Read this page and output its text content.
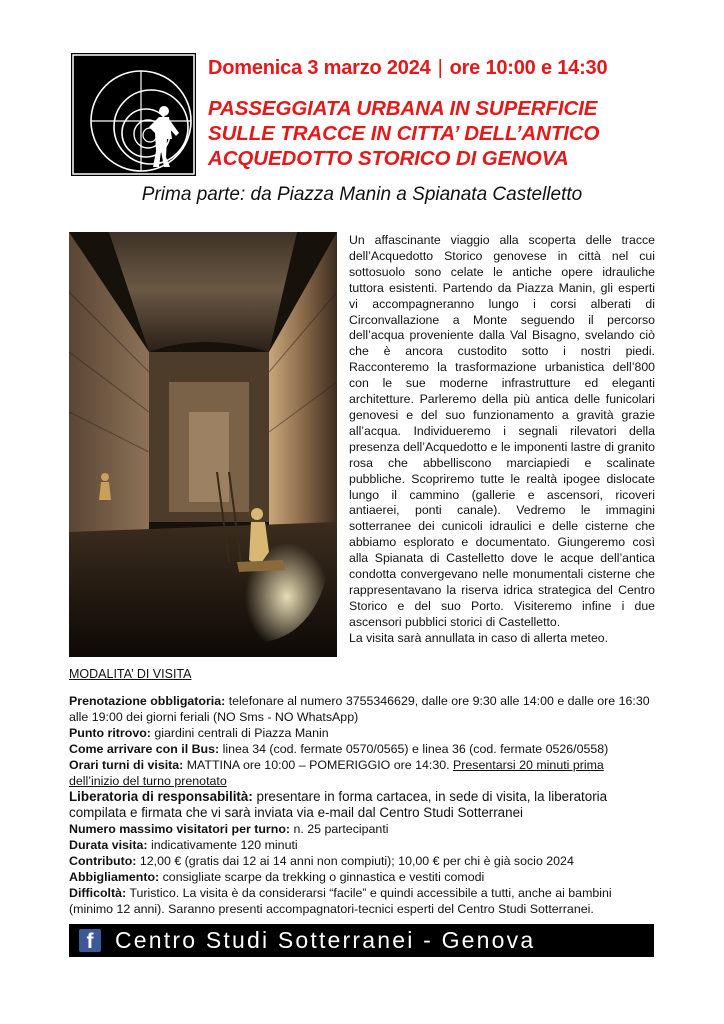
Domenica 3 marzo 2024 | ore 10:00 e 14:30
PASSEGGIATA URBANA IN SUPERFICIE
SULLE TRACCE IN CITTA’ DELL’ANTICO
ACQUEDOTTO STORICO DI GENOVA
Prima parte: da Piazza Manin a Spianata Castelletto

Un affascinante viaggio alla scoperta delle tracce dell’Acquedotto Storico genovese in città nel cui sottosuolo sono celate le antiche opere idrauliche tuttora esistenti. Partendo da Piazza Manin, gli esperti vi accompagneranno lungo i corsi alberati di Circonvallazione a Monte seguendo il percorso dell’acqua proveniente dalla Val Bisagno, svelando ciò che è ancora custodito sotto i nostri piedi. Racconteremo la trasformazione urbanistica dell’800 con le sue moderne infrastrutture ed eleganti architetture. Parleremo della più antica delle funicolari genovesi e del suo funzionamento a gravità grazie all’acqua. Individueremo i segnali rilevatori della presenza dell’Acquedotto e le imponenti lastre di granito rosa che abbelliscono marciapiedi e scalinate pubbliche. Scopriremo tutte le realtà ipogee dislocate lungo il cammino (gallerie e ascensori, ricoveri antiaerei, ponti canale). Vedremo le immagini sotterranee dei cunicoli idraulici e delle cisterne che abbiamo esplorato e documentato. Giungeremo così alla Spianata di Castelletto dove le acque dell’antica condotta convergevano nelle monumentali cisterne che rappresentavano la riserva idrica strategica del Centro Storico e del suo Porto. Visiteremo infine i due ascensori pubblici storici di Castelletto.

La visita sarà annullata in caso di allerta meteo.

MODALITA’ DI VISITA

Prenotazione obbligatoria: telefonare al numero 3755346629, dalle ore 9:30 alle 14:00 e dalle ore 16:30 alle 19:00 dei giorni feriali (NO Sms - NO WhatsApp)

Punto ritrovo: giardini centrali di Piazza Manin

Come arrivare con il Bus: linea 34 (cod. fermate 0570/0565) e linea 36 (cod. fermate 0526/0558)

Orari turni di visita: MATTINA ore 10:00 – POMERIGGIO ore 14:30. Presentarsi 20 minuti prima dell’inizio del turno prenotato

Liberatoria di responsabilità: presentare in forma cartacea, in sede di visita, la liberatoria compilata e firmata che vi sarà inviata via e-mail dal Centro Studi Sotterranei

Numero massimo visitatori per turno: n. 25 partecipanti

Durata visita: indicativamente 120 minuti

Contributo: 12,00 € (gratis dai 12 ai 14 anni non compiuti); 10,00 € per chi è già socio 2024

Abbigliamento: consigliate scarpe da trekking o ginnastica e vestiti comodi

Difficoltà: Turistico. La visita è da considerarsi “facile” e quindi accessibile a tutti, anche ai bambini (minimo 12 anni). Saranno presenti accompagnatori-tecnici esperti del Centro Studi Sotterranei.

f Centro Studi Sotterranei - Genova
